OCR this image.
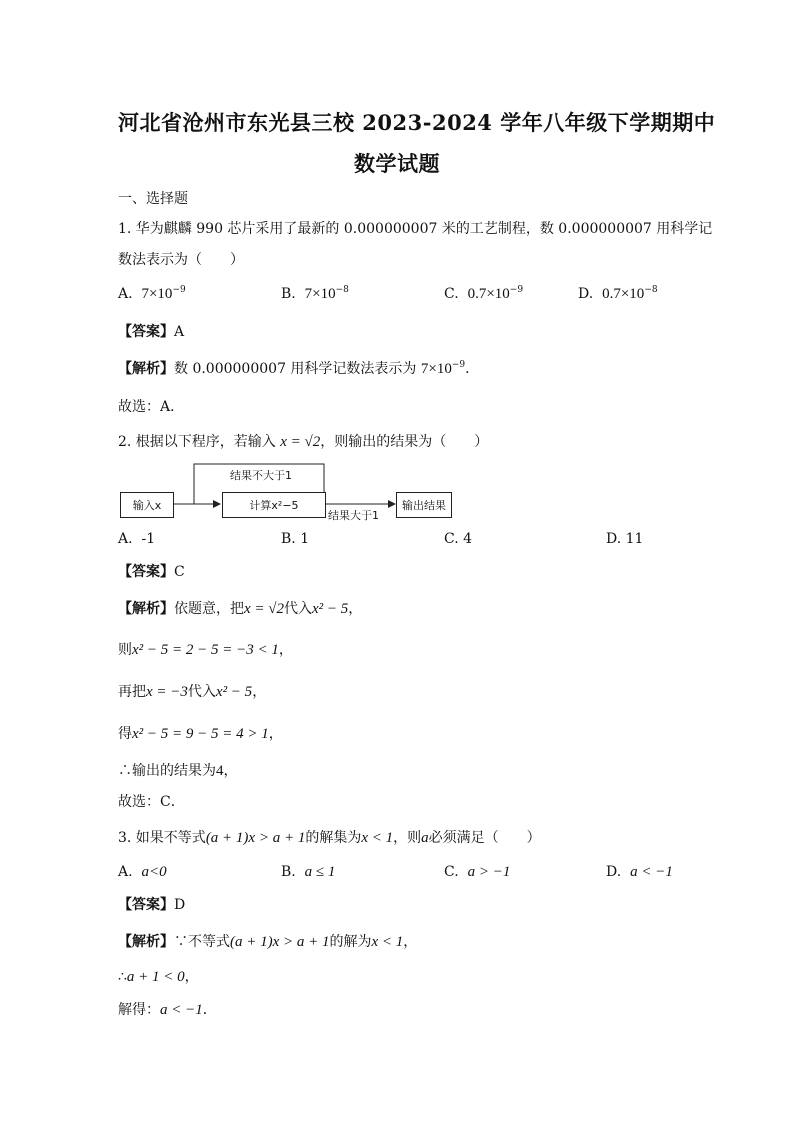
河北省沧州市东光县三校 2023-2024 学年八年级下学期期中
数学试题
一、选择题
1. 华为麒麟 990 芯片采用了最新的 0.000000007 米的工艺制程，数 0.000000007 用科学记
数法表示为（　　）
A. $7\times 10^{-9}$	B. $7\times 10^{-8}$	C. $0.7\times 10^{-9}$	D. $0.7\times 10^{-8}$
【答案】A
【解析】数 0.000000007 用科学记数法表示为 $7\times 10^{-9}$．
故选：A．
2. 根据以下程序，若输入 x = √2，则输出的结果为（　　）
输入x	计算x²−5	输出结果
结果不大于1
结果大于1
A. -1	B. 1	C. 4	D. 11
【答案】C
【解析】依题意，把x = √2代入x² − 5，
则x² − 5 = 2 − 5 = −3 < 1，
再把x = −3代入x² − 5，
得x² − 5 = 9 − 5 = 4 > 1，
∴输出的结果为4，
故选：C．
3. 如果不等式(a + 1)x > a + 1的解集为x < 1，则a必须满足（　　）
A. a<0	B. a ≤ 1	C. a > −1	D. a < −1
【答案】D
【解析】∵不等式(a + 1)x > a + 1的解为x < 1，
∴a + 1 < 0，
解得：a < −1．
